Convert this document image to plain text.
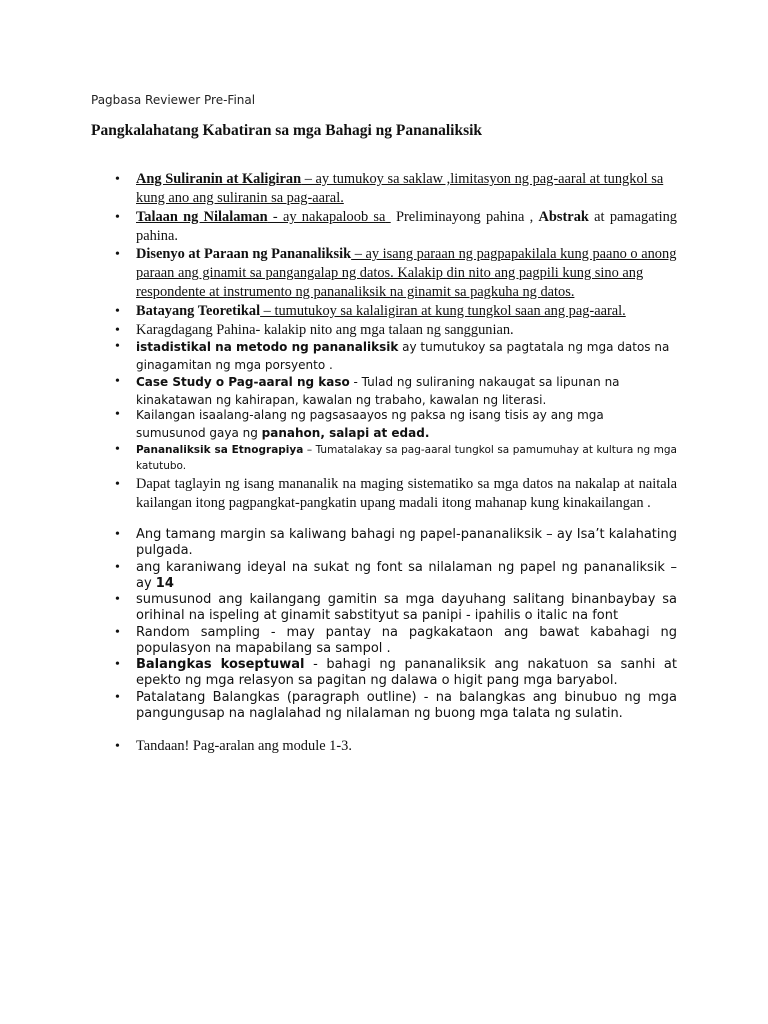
Pagbasa Reviewer Pre-Final
Pangkalahatang Kabatiran sa mga Bahagi ng Pananaliksik
• Ang Suliranin at Kaligiran – ay tumukoy sa saklaw ,limitasyon ng pag-aaral at tungkol sa kung ano ang suliranin sa pag-aaral.
• Talaan ng Nilalaman - ay nakapaloob sa  Preliminayong pahina , Abstrak at pamagating pahina.
• Disenyo at Paraan ng Pananaliksik – ay isang paraan ng pagpapakilala kung paano o anong paraan ang ginamit sa pangangalap ng datos. Kalakip din nito ang pagpili kung sino ang respondente at instrumento ng pananaliksik na ginamit sa pagkuha ng datos.
• Batayang Teoretikal – tumutukoy sa kalaligiran at kung tungkol saan ang pag-aaral.
• Karagdagang Pahina- kalakip nito ang mga talaan ng sanggunian.
• istadistikal na metodo ng pananaliksik ay tumutukoy sa pagtatala ng mga datos na ginagamitan ng mga porsyento .
• Case Study o Pag-aaral ng kaso - Tulad ng suliraning nakaugat sa lipunan na kinakatawan ng kahirapan, kawalan ng trabaho, kawalan ng literasi.
• Kailangan isaalang-alang ng pagsasaayos ng paksa ng isang tisis ay ang mga sumusunod gaya ng panahon, salapi at edad.
• Pananaliksik sa Etnograpiya – Tumatalakay sa pag-aaral tungkol sa pamumuhay at kultura ng mga katutubo.
• Dapat taglayin ng isang mananalik na maging sistematiko sa mga datos na nakalap at naitala kailangan itong pagpangkat-pangkatin upang madali itong mahanap kung kinakailangan .
• Ang tamang margin sa kaliwang bahagi ng papel-pananaliksik – ay Isa’t kalahating pulgada.
• ang karaniwang ideyal na sukat ng font sa nilalaman ng papel ng pananaliksik – ay 14
• sumusunod ang kailangang gamitin sa mga dayuhang salitang binanbaybay sa orihinal na ispeling at ginamit sabstityut sa panipi - ipahilis o italic na font
• Random sampling - may pantay na pagkakataon ang bawat kabahagi ng populasyon na mapabilang sa sampol .
• Balangkas koseptuwal - bahagi ng pananaliksik ang nakatuon sa sanhi at epekto ng mga relasyon sa pagitan ng dalawa o higit pang mga baryabol.
• Patalatang Balangkas (paragraph outline) - na balangkas ang binubuo ng mga pangungusap na naglalahad ng nilalaman ng buong mga talata ng sulatin.
• Tandaan! Pag-aralan ang module 1-3.
